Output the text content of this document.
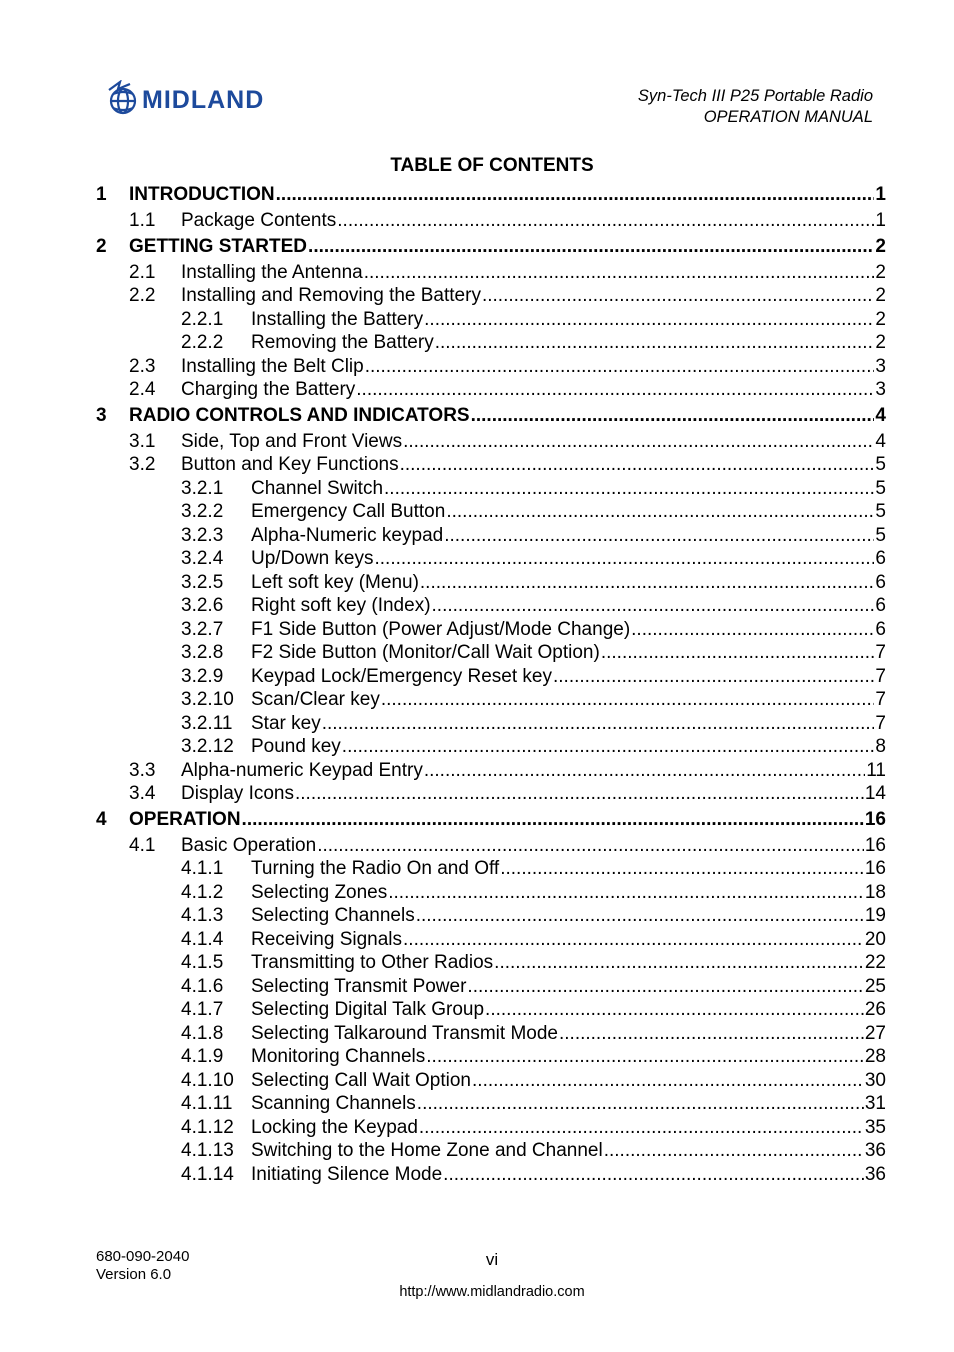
MIDLAND	Syn-Tech III P25 Portable Radio
OPERATION MANUAL
TABLE OF CONTENTS
1	INTRODUCTION .....	1
1.1	Package Contents .....	1
2	GETTING STARTED .....	2
2.1	Installing the Antenna .....	2
2.2	Installing and Removing the Battery .....	2
2.2.1	Installing the Battery .....	2
2.2.2	Removing the Battery .....	2
2.3	Installing the Belt Clip .....	3
2.4	Charging the Battery .....	3
3	RADIO CONTROLS AND INDICATORS .....	4
3.1	Side, Top and Front Views .....	4
3.2	Button and Key Functions .....	5
3.2.1	Channel Switch .....	5
3.2.2	Emergency Call Button .....	5
3.2.3	Alpha-Numeric keypad .....	5
3.2.4	Up/Down keys .....	6
3.2.5	Left soft key (Menu) .....	6
3.2.6	Right soft key (Index) .....	6
3.2.7	F1 Side Button (Power Adjust/Mode Change) .....	6
3.2.8	F2 Side Button (Monitor/Call Wait Option) .....	7
3.2.9	Keypad Lock/Emergency Reset key .....	7
3.2.10 Scan/Clear key .....	7
3.2.11 Star key .....	7
3.2.12 Pound key .....	8
3.3	Alpha-numeric Keypad Entry .....	11
3.4	Display Icons .....	14
4	OPERATION .....	16
4.1	Basic Operation .....	16
4.1.1	Turning the Radio On and Off .....	16
4.1.2	Selecting Zones .....	18
4.1.3	Selecting Channels .....	19
4.1.4	Receiving Signals .....	20
4.1.5	Transmitting to Other Radios .....	22
4.1.6	Selecting Transmit Power .....	25
4.1.7	Selecting Digital Talk Group .....	26
4.1.8	Selecting Talkaround Transmit Mode .....	27
4.1.9	Monitoring Channels .....	28
4.1.10 Selecting Call Wait Option .....	30
4.1.11 Scanning Channels .....	31
4.1.12 Locking the Keypad .....	35
4.1.13 Switching to the Home Zone and Channel .....	36
4.1.14 Initiating Silence Mode .....	36
680-090-2040
Version 6.0
vi
http://www.midlandradio.com
